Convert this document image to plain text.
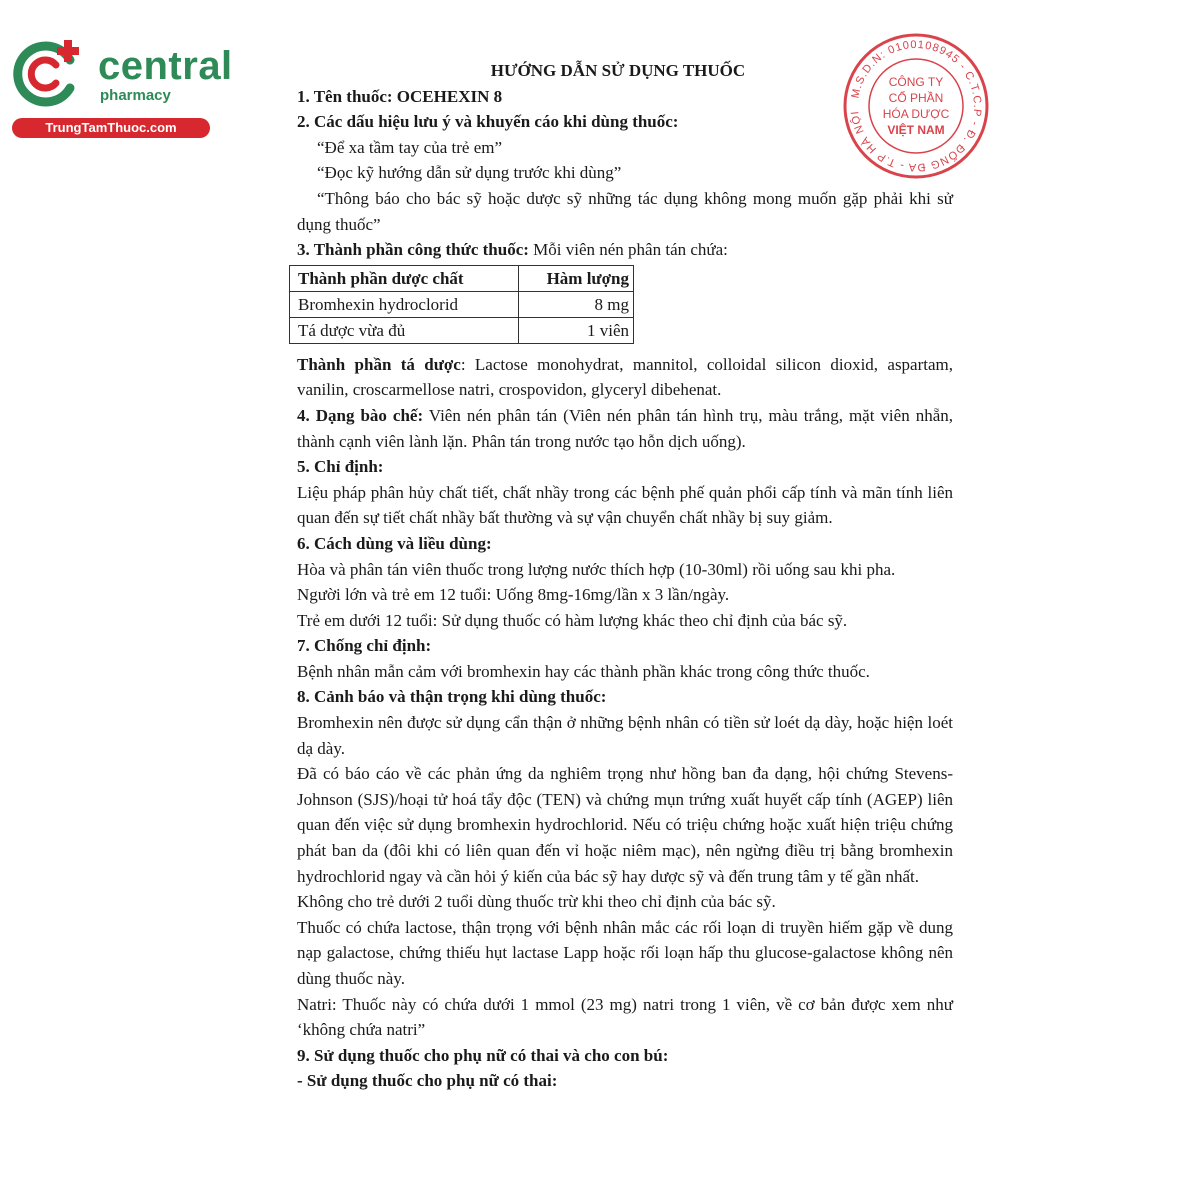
central
pharmacy
TrungTamThuoc.com
M.S.D.N: 0100108945 - C.T.C.P - Đ. ĐỐNG ĐA - T.P HÀ NỘI
CÔNG TY
CỔ PHẦN
HÓA DƯỢC
VIỆT NAM

HƯỚNG DẪN SỬ DỤNG THUỐC

1. Tên thuốc: OCEHEXIN 8

2. Các dấu hiệu lưu ý và khuyến cáo khi dùng thuốc:

“Để xa tầm tay của trẻ em”

“Đọc kỹ hướng dẫn sử dụng trước khi dùng”

“Thông báo cho bác sỹ hoặc dược sỹ những tác dụng không mong muốn gặp phải khi sử dụng thuốc”

3. Thành phần công thức thuốc: Mỗi viên nén phân tán chứa:

Thành phần dược chất	Hàm lượng
Bromhexin hydroclorid	8 mg
Tá dược vừa đủ	1 viên

Thành phần tá dược: Lactose monohydrat, mannitol, colloidal silicon dioxid, aspartam, vanilin, croscarmellose natri, crospovidon, glyceryl dibehenat.

4. Dạng bào chế: Viên nén phân tán (Viên nén phân tán hình trụ, màu trắng, mặt viên nhẵn, thành cạnh viên lành lặn. Phân tán trong nước tạo hỗn dịch uống).

5. Chỉ định:

Liệu pháp phân hủy chất tiết, chất nhầy trong các bệnh phế quản phổi cấp tính và mãn tính liên quan đến sự tiết chất nhầy bất thường và sự vận chuyển chất nhầy bị suy giảm.

6. Cách dùng và liều dùng:

Hòa và phân tán viên thuốc trong lượng nước thích hợp (10-30ml) rồi uống sau khi pha.

Người lớn và trẻ em 12 tuổi: Uống 8mg-16mg/lần x 3 lần/ngày.

Trẻ em dưới 12 tuổi: Sử dụng thuốc có hàm lượng khác theo chỉ định của bác sỹ.

7. Chống chỉ định:

Bệnh nhân mẫn cảm với bromhexin hay các thành phần khác trong công thức thuốc.

8. Cảnh báo và thận trọng khi dùng thuốc:

Bromhexin nên được sử dụng cẩn thận ở những bệnh nhân có tiền sử loét dạ dày, hoặc hiện loét dạ dày.

Đã có báo cáo về các phản ứng da nghiêm trọng như hồng ban đa dạng, hội chứng Stevens-Johnson (SJS)/hoại tử hoá tẩy độc (TEN) và chứng mụn trứng xuất huyết cấp tính (AGEP) liên quan đến việc sử dụng bromhexin hydrochlorid. Nếu có triệu chứng hoặc xuất hiện triệu chứng phát ban da (đôi khi có liên quan đến vỉ hoặc niêm mạc), nên ngừng điều trị bằng bromhexin hydrochlorid ngay và cần hỏi ý kiến của bác sỹ hay dược sỹ và đến trung tâm y tế gần nhất.

Không cho trẻ dưới 2 tuổi dùng thuốc trừ khi theo chỉ định của bác sỹ.

Thuốc có chứa lactose, thận trọng với bệnh nhân mắc các rối loạn di truyền hiếm gặp về dung nạp galactose, chứng thiếu hụt lactase Lapp hoặc rối loạn hấp thu glucose-galactose không nên dùng thuốc này.

Natri: Thuốc này có chứa dưới 1 mmol (23 mg) natri trong 1 viên, về cơ bản được xem như ‘không chứa natri”

9. Sử dụng thuốc cho phụ nữ có thai và cho con bú:

- Sử dụng thuốc cho phụ nữ có thai:
